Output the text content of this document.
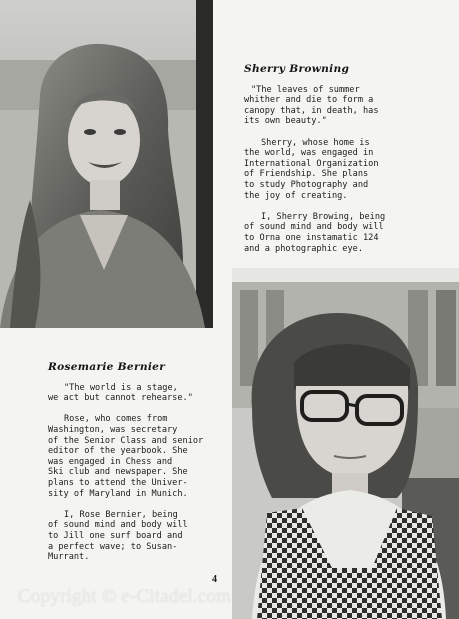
Sherry Browning

"The leaves of summer
whither and die to form a
canopy that, in death, has
its own beauty."

Sherry, whose home is
the world, was engaged in
International Organization
of Friendship. She plans
to study Photography and
the joy of creating.

I, Sherry Browing, being
of sound mind and body will
to Orna one instamatic 124
and a photographic eye.

Rosemarie Bernier

"The world is a stage,
we act but cannot rehearse."

Rose, who comes from
Washington, was secretary
of the Senior Class and senior
editor of the yearbook. She
was engaged in Chess and
Ski club and newspaper. She
plans to attend the Univer-
sity of Maryland in Munich.

I, Rose Bernier, being
of sound mind and body will
to Jill one surf board and
a perfect wave; to Susan-
Murrant.

4
Copyright © e-Citadel.com
